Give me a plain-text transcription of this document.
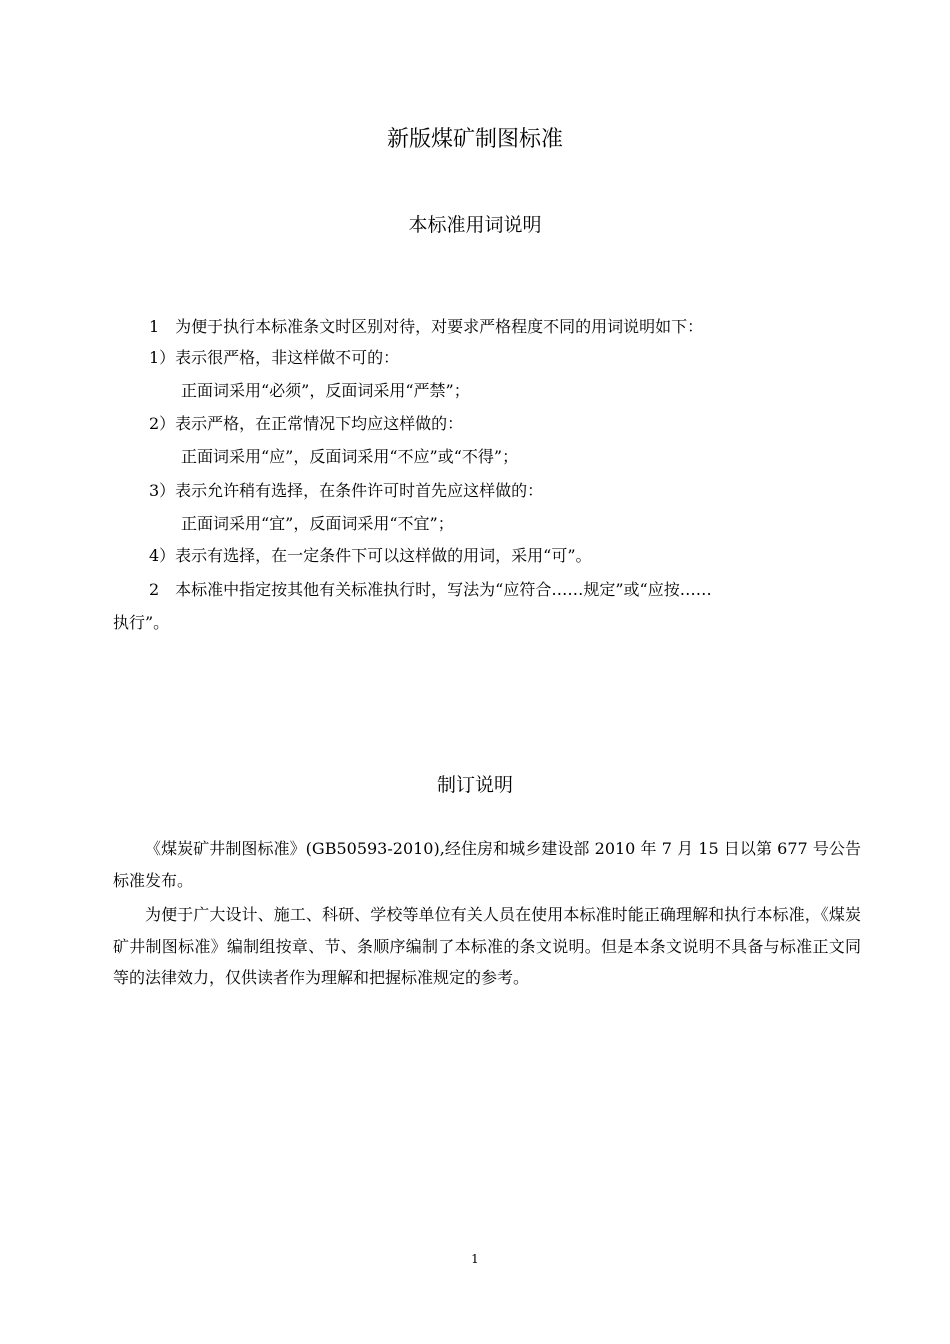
新版煤矿制图标准
本标准用词说明
1　为便于执行本标准条文时区别对待，对要求严格程度不同的用词说明如下：
1）表示很严格，非这样做不可的：
正面词采用“必须”，反面词采用“严禁”；
2）表示严格，在正常情况下均应这样做的：
正面词采用“应”，反面词采用“不应”或“不得”；
3）表示允许稍有选择，在条件许可时首先应这样做的：
正面词采用“宜”，反面词采用“不宜”；
4）表示有选择，在一定条件下可以这样做的用词，采用“可”。
2　本标准中指定按其他有关标准执行时，写法为“应符合……规定”或“应按……
执行”。
制订说明

《煤炭矿井制图标准》(GB50593-2010),经住房和城乡建设部 2010 年 7 月 15 日以第 677 号公告标准发布。

为便于广大设计、施工、科研、学校等单位有关人员在使用本标准时能正确理解和执行本标准，《煤炭矿井制图标准》编制组按章、节、条顺序编制了本标准的条文说明。但是本条文说明不具备与标准正文同等的法律效力，仅供读者作为理解和把握标准规定的参考。

1
